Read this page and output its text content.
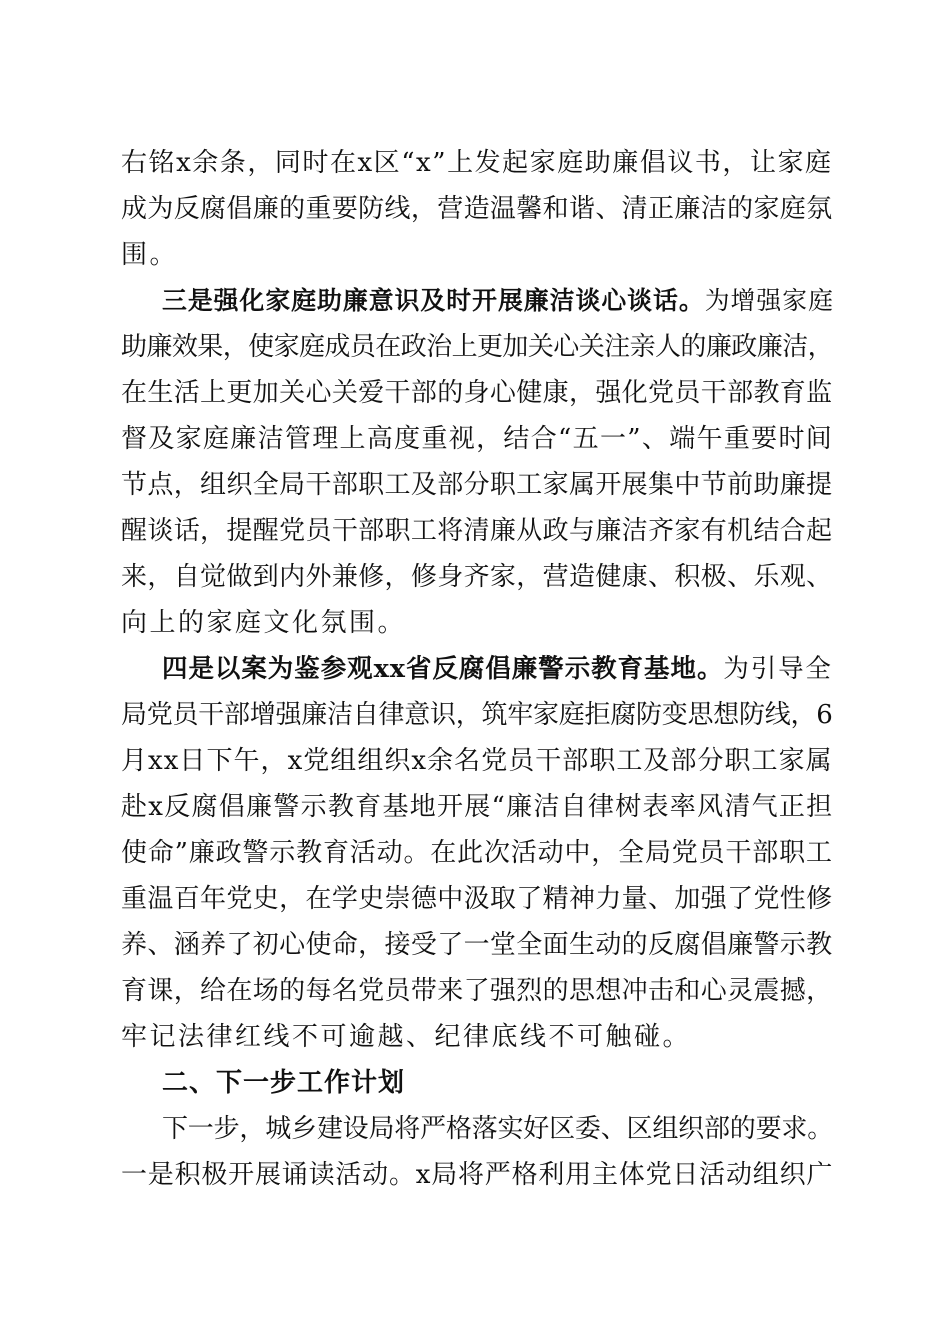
右铭x余条，同时在x区“x”上发起家庭助廉倡议书，让家庭
成为反腐倡廉的重要防线，营造温馨和谐、清正廉洁的家庭氛
围。
三是强化家庭助廉意识及时开展廉洁谈心谈话。为增强家庭
助廉效果，使家庭成员在政治上更加关心关注亲人的廉政廉洁，
在生活上更加关心关爱干部的身心健康，强化党员干部教育监
督及家庭廉洁管理上高度重视，结合“五一”、端午重要时间
节点，组织全局干部职工及部分职工家属开展集中节前助廉提
醒谈话，提醒党员干部职工将清廉从政与廉洁齐家有机结合起
来，自觉做到内外兼修，修身齐家，营造健康、积极、乐观、
向上的家庭文化氛围。
四是以案为鉴参观xx省反腐倡廉警示教育基地。为引导全
局党员干部增强廉洁自律意识，筑牢家庭拒腐防变思想防线，6
月xx日下午，x党组组织x余名党员干部职工及部分职工家属
赴x反腐倡廉警示教育基地开展“廉洁自律树表率风清气正担
使命”廉政警示教育活动。在此次活动中，全局党员干部职工
重温百年党史，在学史崇德中汲取了精神力量、加强了党性修
养、涵养了初心使命，接受了一堂全面生动的反腐倡廉警示教
育课，给在场的每名党员带来了强烈的思想冲击和心灵震撼，
牢记法律红线不可逾越、纪律底线不可触碰。
二、下一步工作计划
下一步，城乡建设局将严格落实好区委、区组织部的要求。
一是积极开展诵读活动。x局将严格利用主体党日活动组织广
